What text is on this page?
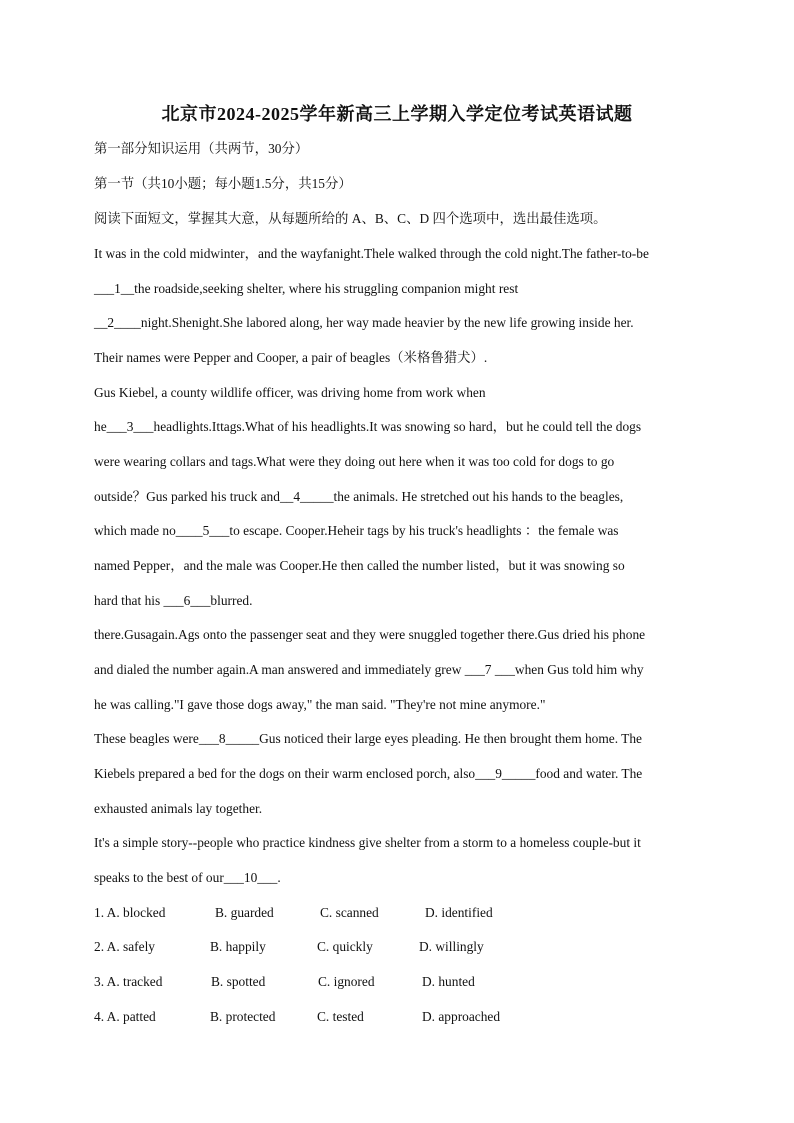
北京市2024-2025学年新高三上学期入学定位考试英语试题
第一部分知识运用（共两节，30分）
第一节（共10小题；每小题1.5分，共15分）
阅读下面短文，掌握其大意，从每题所给的 A、B、C、D 四个选项中，选出最佳选项。
It was in the cold midwinter，and the wayfanight.Thele walked through the cold night.The father-to-be
___1__the roadside,seeking shelter, where his struggling companion might rest
__2____night.Shenight.She labored along, her way made heavier by the new life growing inside her.
Their names were Pepper and Cooper, a pair of beagles（米格鲁猎犬）.
Gus Kiebel, a county wildlife officer, was driving home from work when
he___3___headlights.Ittags.What of his headlights.It was snowing so hard，but he could tell the dogs
were wearing collars and tags.What were they doing out here when it was too cold for dogs to go
outside？Gus parked his truck and__4_____the animals. He stretched out his hands to the beagles,
which made no____5___to escape. Cooper.Heheir tags by his truck's headlights ：the female was
named Pepper，and the male was Cooper.He then called the number listed，but it was snowing so
hard that his ___6___blurred.
there.Gusagain.Ags onto the passenger seat and they were snuggled together there.Gus dried his phone
and dialed the number again.A man answered and immediately grew ___7 ___when Gus told him why
he was calling."I gave those dogs away," the man said. "They're not mine anymore."
These beagles were___8_____Gus noticed their large eyes pleading. He then brought them home. The
Kiebels prepared a bed for the dogs on their warm enclosed porch, also___9_____food and water. The
exhausted animals lay together.
It's a simple story--people who practice kindness give shelter from a storm to a homeless couple-but it
speaks to the best of our___10___.
1. A. blocked	B. guarded	C. scanned	D. identified
2. A. safely	B. happily	C. quickly	D. willingly
3. A. tracked	B. spotted	C. ignored	D. hunted
4. A. patted	B. protected	C. tested	D. approached
